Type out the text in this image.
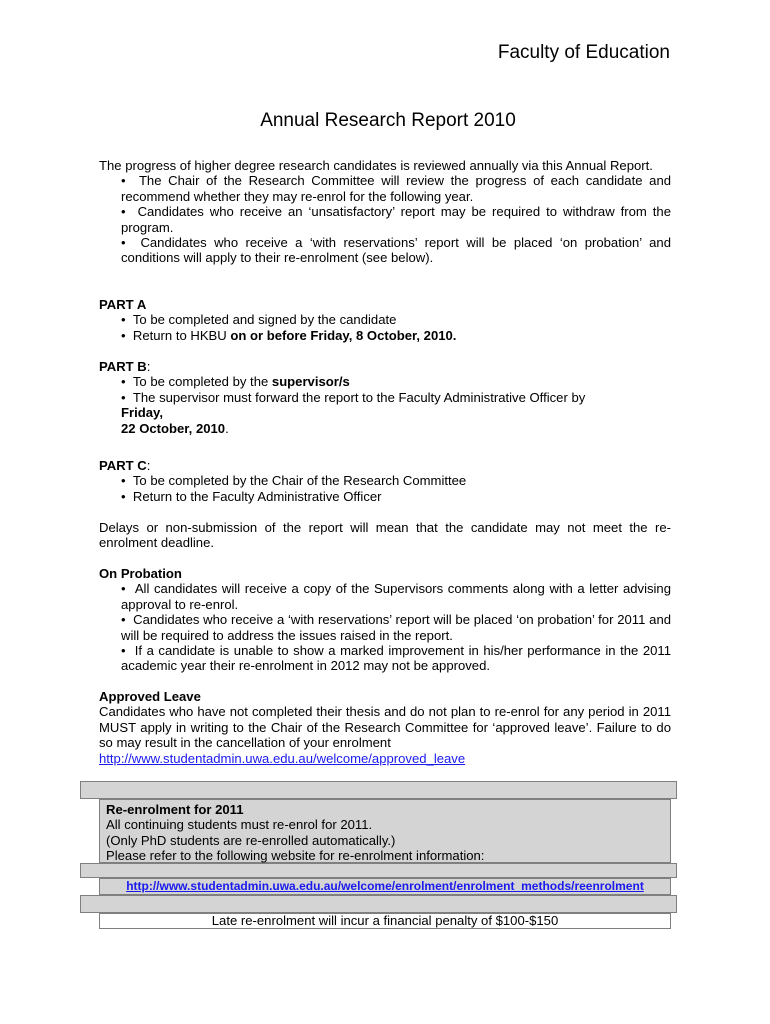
Faculty of Education
Annual Research Report 2010
The progress of higher degree research candidates is reviewed annually via this Annual Report.
• The Chair of the Research Committee will review the progress of each candidate and recommend whether they may re-enrol for the following year.
• Candidates who receive an ‘unsatisfactory’ report may be required to withdraw from the program.
• Candidates who receive a ‘with reservations’ report will be placed ‘on probation’ and conditions will apply to their re-enrolment (see below).
PART A
• To be completed and signed by the candidate
• Return to HKBU on or before Friday, 8 October, 2010.
PART B:
• To be completed by the supervisor/s
• The supervisor must forward the report to the Faculty Administrative Officer by
Friday,
22 October, 2010.
PART C:
• To be completed by the Chair of the Research Committee
• Return to the Faculty Administrative Officer
Delays or non-submission of the report will mean that the candidate may not meet the re-enrolment deadline.
On Probation
• All candidates will receive a copy of the Supervisors comments along with a letter advising approval to re-enrol.
• Candidates who receive a ‘with reservations’ report will be placed ‘on probation’ for 2011 and will be required to address the issues raised in the report.
• If a candidate is unable to show a marked improvement in his/her performance in the 2011 academic year their re-enrolment in 2012 may not be approved.
Approved Leave
Candidates who have not completed their thesis and do not plan to re-enrol for any period in 2011 MUST apply in writing to the Chair of the Research Committee for ‘approved leave’. Failure to do so may result in the cancellation of your enrolment
http://www.studentadmin.uwa.edu.au/welcome/approved_leave
Re-enrolment for 2011
All continuing students must re-enrol for 2011.
(Only PhD students are re-enrolled automatically.)
Please refer to the following website for re-enrolment information:
http://www.studentadmin.uwa.edu.au/welcome/enrolment/enrolment_methods/reenrolment
Late re-enrolment will incur a financial penalty of $100-$150
